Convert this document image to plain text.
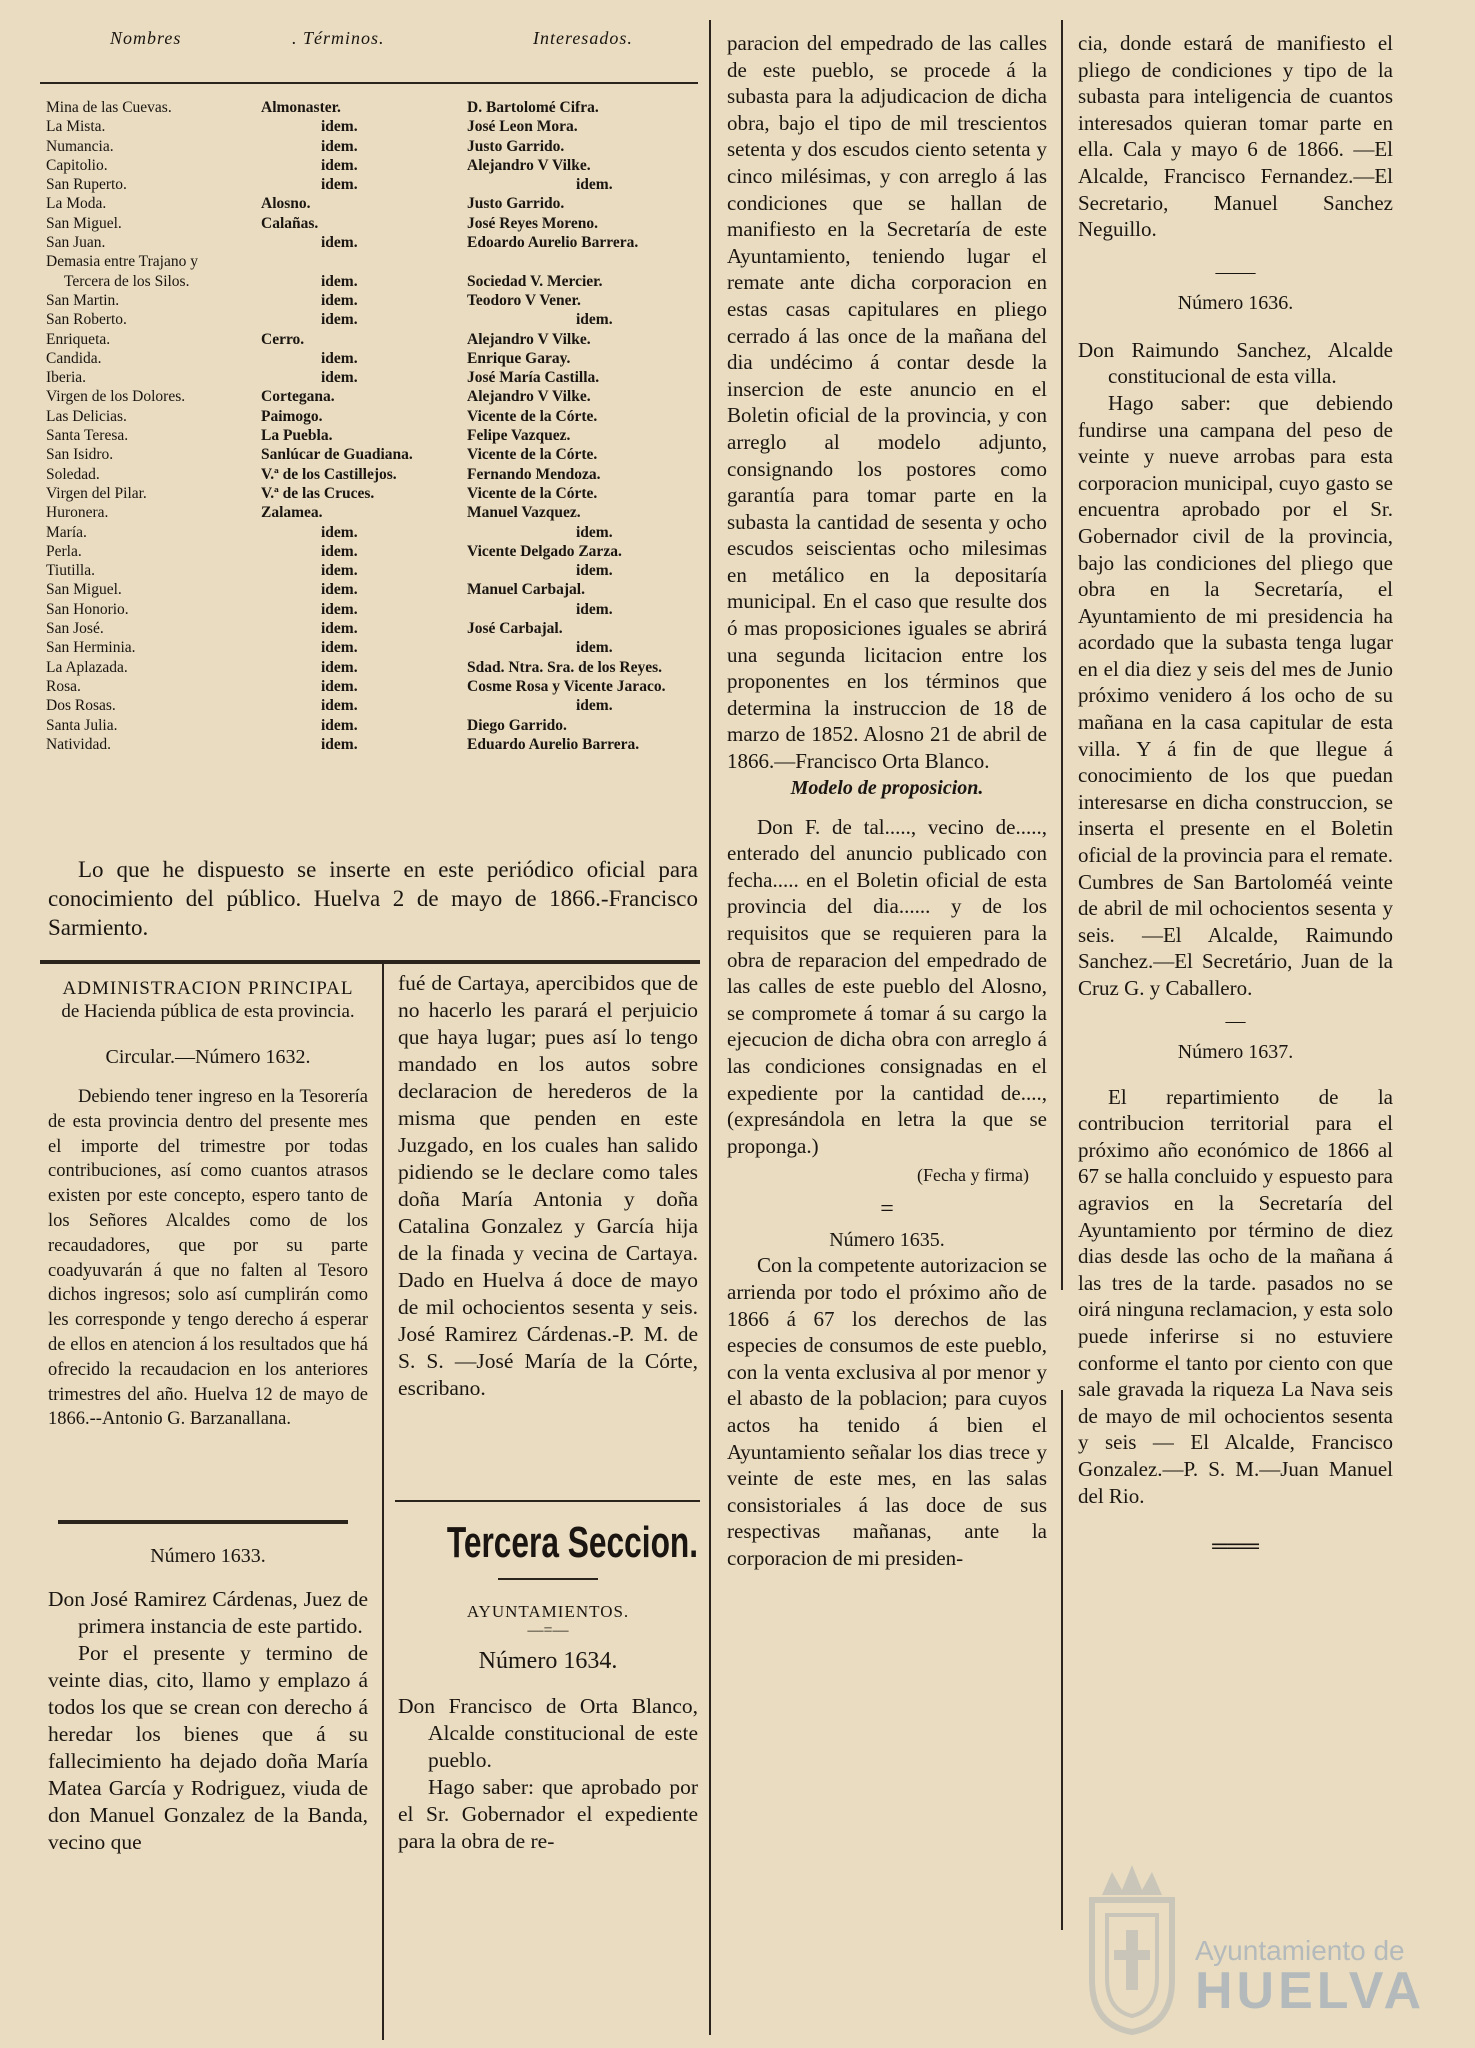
Nombres	. Términos.	Interesados.
Mina de las Cuevas.	Almonaster.	D. Bartolomé Cifra.
La Mista.	idem.	José Leon Mora.
Numancia.	idem.	Justo Garrido.
Capitolio.	idem.	Alejandro V Vilke.
San Ruperto.	idem.	idem.
La Moda.	Alosno.	Justo Garrido.
San Miguel.	Calañas.	José Reyes Moreno.
San Juan.	idem.	Edoardo Aurelio Barrera.
Demasia entre Trajano y
Tercera de los Silos.	idem.	Sociedad V. Mercier.
San Martin.	idem.	Teodoro V Vener.
San Roberto.	idem.	idem.
Enriqueta.	Cerro.	Alejandro V Vilke.
Candida.	idem.	Enrique Garay.
Iberia.	idem.	José María Castilla.
Virgen de los Dolores.	Cortegana.	Alejandro V Vilke.
Las Delicias.	Paimogo.	Vicente de la Córte.
Santa Teresa.	La Puebla.	Felipe Vazquez.
San Isidro.	Sanlúcar de Guadiana.	Vicente de la Córte.
Soledad.	V.ª de los Castillejos.	Fernando Mendoza.
Virgen del Pilar.	V.ª de las Cruces.	Vicente de la Córte.
Huronera.	Zalamea.	Manuel Vazquez.
María.	idem.	idem.
Perla.	idem.	Vicente Delgado Zarza.
Tiutilla.	idem.	idem.
San Miguel.	idem.	Manuel Carbajal.
San Honorio.	idem.	idem.
San José.	idem.	José Carbajal.
San Herminia.	idem.	idem.
La Aplazada.	idem.	Sdad. Ntra. Sra. de los Reyes.
Rosa.	idem.	Cosme Rosa y Vicente Jaraco.
Dos Rosas.	idem.	idem.
Santa Julia.	idem.	Diego Garrido.
Natividad.	idem.	Eduardo Aurelio Barrera.

Lo que he dispuesto se inserte en este periódico oficial para conocimiento del público. Huelva 2 de mayo de 1866.-Francisco Sarmiento.

ADMINISTRACION PRINCIPAL

de Hacienda pública de esta provincia.

Circular.—Número 1632.

Debiendo tener ingreso en la Tesorería de esta provincia dentro del presente mes el importe del trimestre por todas contribuciones, así como cuantos atrasos existen por este concepto, espero tanto de los Señores Alcaldes como de los recaudadores, que por su parte coadyuvarán á que no falten al Tesoro dichos ingresos; solo así cumplirán como les corresponde y tengo derecho á esperar de ellos en atencion á los resultados que há ofrecido la recaudacion en los anteriores trimestres del año. Huelva 12 de mayo de 1866.--Antonio G. Barzanallana.

Número 1633.

Don José Ramirez Cárdenas, Juez de primera instancia de este partido.

Por el presente y termino de veinte dias, cito, llamo y emplazo á todos los que se crean con derecho á heredar los bienes que á su fallecimiento ha dejado doña María Matea García y Rodriguez, viuda de don Manuel Gonzalez de la Banda, vecino que

fué de Cartaya, apercibidos que de no hacerlo les parará el perjuicio que haya lugar; pues así lo tengo mandado en los autos sobre declaracion de herederos de la misma que penden en este Juzgado, en los cuales han salido pidiendo se le declare como tales doña María Antonia y doña Catalina Gonzalez y García hija de la finada y vecina de Cartaya. Dado en Huelva á doce de mayo de mil ochocientos sesenta y seis. José Ramirez Cárdenas.-P. M. de S. S. —José María de la Córte, escribano.

Tercera Seccion.

AYUNTAMIENTOS.

—=—

Número 1634.

Don Francisco de Orta Blanco, Alcalde constitucional de este pueblo.

Hago saber: que aprobado por el Sr. Gobernador el expediente para la obra de re-

paracion del empedrado de las calles de este pueblo, se procede á la subasta para la adjudicacion de dicha obra, bajo el tipo de mil trescientos setenta y dos escudos ciento setenta y cinco milésimas, y con arreglo á las condiciones que se hallan de manifiesto en la Secretaría de este Ayuntamiento, teniendo lugar el remate ante dicha corporacion en estas casas capitulares en pliego cerrado á las once de la mañana del dia undécimo á contar desde la insercion de este anuncio en el Boletin oficial de la provincia, y con arreglo al modelo adjunto, consignando los postores como garantía para tomar parte en la subasta la cantidad de sesenta y ocho escudos seiscientas ocho milesimas en metálico en la depositaría municipal. En el caso que resulte dos ó mas proposiciones iguales se abrirá una segunda licitacion entre los proponentes en los términos que determina la instruccion de 18 de marzo de 1852. Alosno 21 de abril de 1866.—Francisco Orta Blanco.

Modelo de proposicion.

Don F. de tal....., vecino de....., enterado del anuncio publicado con fecha..... en el Boletin oficial de esta provincia del dia...... y de los requisitos que se requieren para la obra de reparacion del empedrado de las calles de este pueblo del Alosno, se compromete á tomar á su cargo la ejecucion de dicha obra con arreglo á las condiciones consignadas en el expediente por la cantidad de...., (expresándola en letra la que se proponga.)

(Fecha y firma)

=

Número 1635.

Con la competente autorizacion se arrienda por todo el próximo año de 1866 á 67 los derechos de las especies de consumos de este pueblo, con la venta exclusiva al por menor y el abasto de la poblacion; para cuyos actos ha tenido á bien el Ayuntamiento señalar los dias trece y veinte de este mes, en las salas consistoriales á las doce de sus respectivas mañanas, ante la corporacion de mi presiden-

cia, donde estará de manifiesto el pliego de condiciones y tipo de la subasta para inteligencia de cuantos interesados quieran tomar parte en ella. Cala y mayo 6 de 1866. —El Alcalde, Francisco Fernandez.—El Secretario, Manuel Sanchez Neguillo.

——

Número 1636.

Don Raimundo Sanchez, Alcalde constitucional de esta villa.

Hago saber: que debiendo fundirse una campana del peso de veinte y nueve arrobas para esta corporacion municipal, cuyo gasto se encuentra aprobado por el Sr. Gobernador civil de la provincia, bajo las condiciones del pliego que obra en la Secretaría, el Ayuntamiento de mi presidencia ha acordado que la subasta tenga lugar en el dia diez y seis del mes de Junio próximo venidero á los ocho de su mañana en la casa capitular de esta villa. Y á fin de que llegue á conocimiento de los que puedan interesarse en dicha construccion, se inserta el presente en el Boletin oficial de la provincia para el remate. Cumbres de San Bartoloméá veinte de abril de mil ochocientos sesenta y seis. —El Alcalde, Raimundo Sanchez.—El Secretário, Juan de la Cruz G. y Caballero.

—

Número 1637.

El repartimiento de la contribucion territorial para el próximo año económico de 1866 al 67 se halla concluido y espuesto para agravios en la Secretaría del Ayuntamiento por término de diez dias desde las ocho de la mañana á las tres de la tarde. pasados no se oirá ninguna reclamacion, y esta solo puede inferirse si no estuviere conforme el tanto por ciento con que sale gravada la riqueza La Nava seis de mayo de mil ochocientos sesenta y seis — El Alcalde, Francisco Gonzalez.—P. S. M.—Juan Manuel del Rio.

═══

Ayuntamiento de
HUELVA
